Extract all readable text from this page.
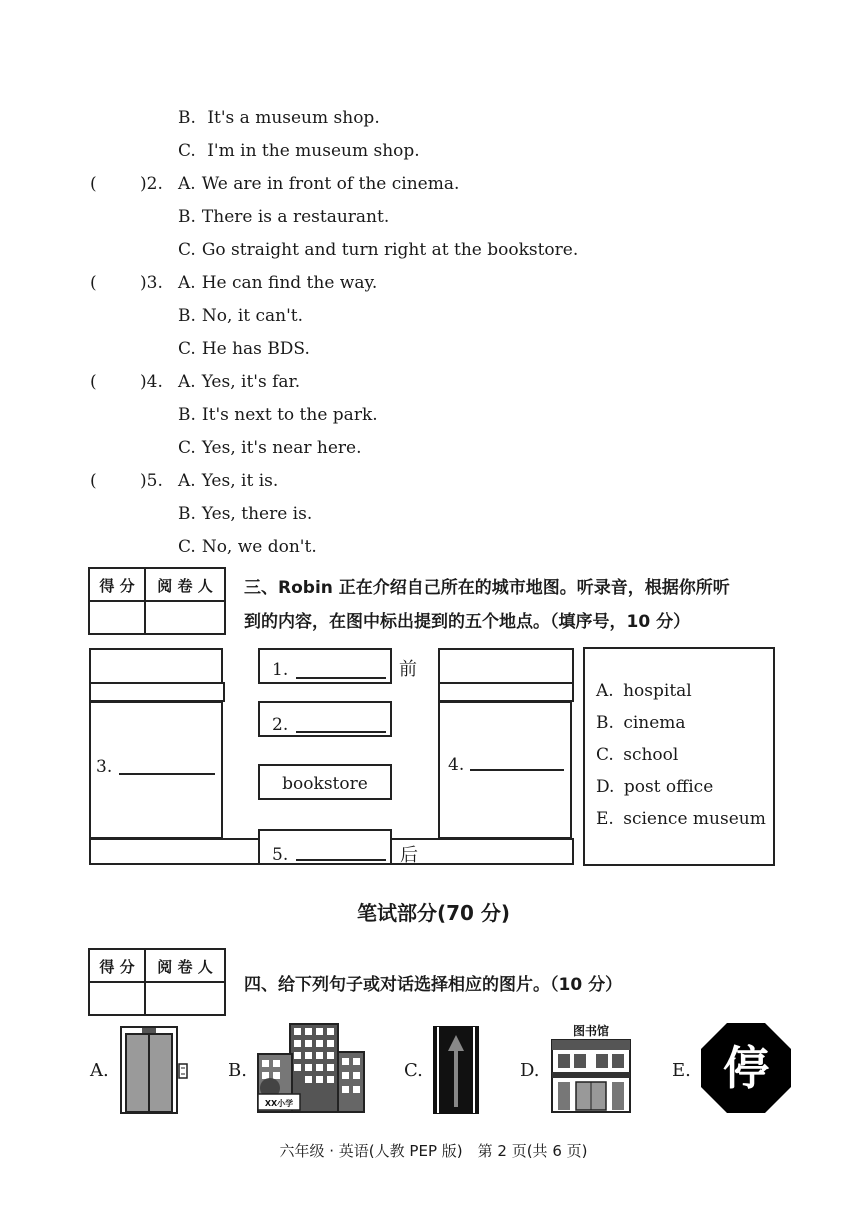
B. It's a museum shop.
C. I'm in the museum shop.
(	)2. A. We are in front of the cinema.
B. There is a restaurant.
C. Go straight and turn right at the bookstore.
(	)3. A. He can find the way.
B. No, it can't.
C. He has BDS.
(	)4. A. Yes, it's far.
B. It's next to the park.
C. Yes, it's near here.
(	)5. A. Yes, it is.
B. Yes, there is.
C. No, we don't.
得 分	阅 卷 人	三、Robin 正在介绍自己所在的城市地图。听录音，根据你所听
到的内容，在图中标出提到的五个地点。（填序号，10 分）
1.	前
2.
3.	4.
bookstore
5.	后
A. hospital
B. cinema
C. school
D. post office
E. science museum
笔试部分(70 分)
得 分	阅 卷 人
四、给下列句子或对话选择相应的图片。（10 分）
A.	B.
XX小学
C.	D.
图书馆
E. 停
六年级 · 英语(人教 PEP 版)　第 2 页(共 6 页)
